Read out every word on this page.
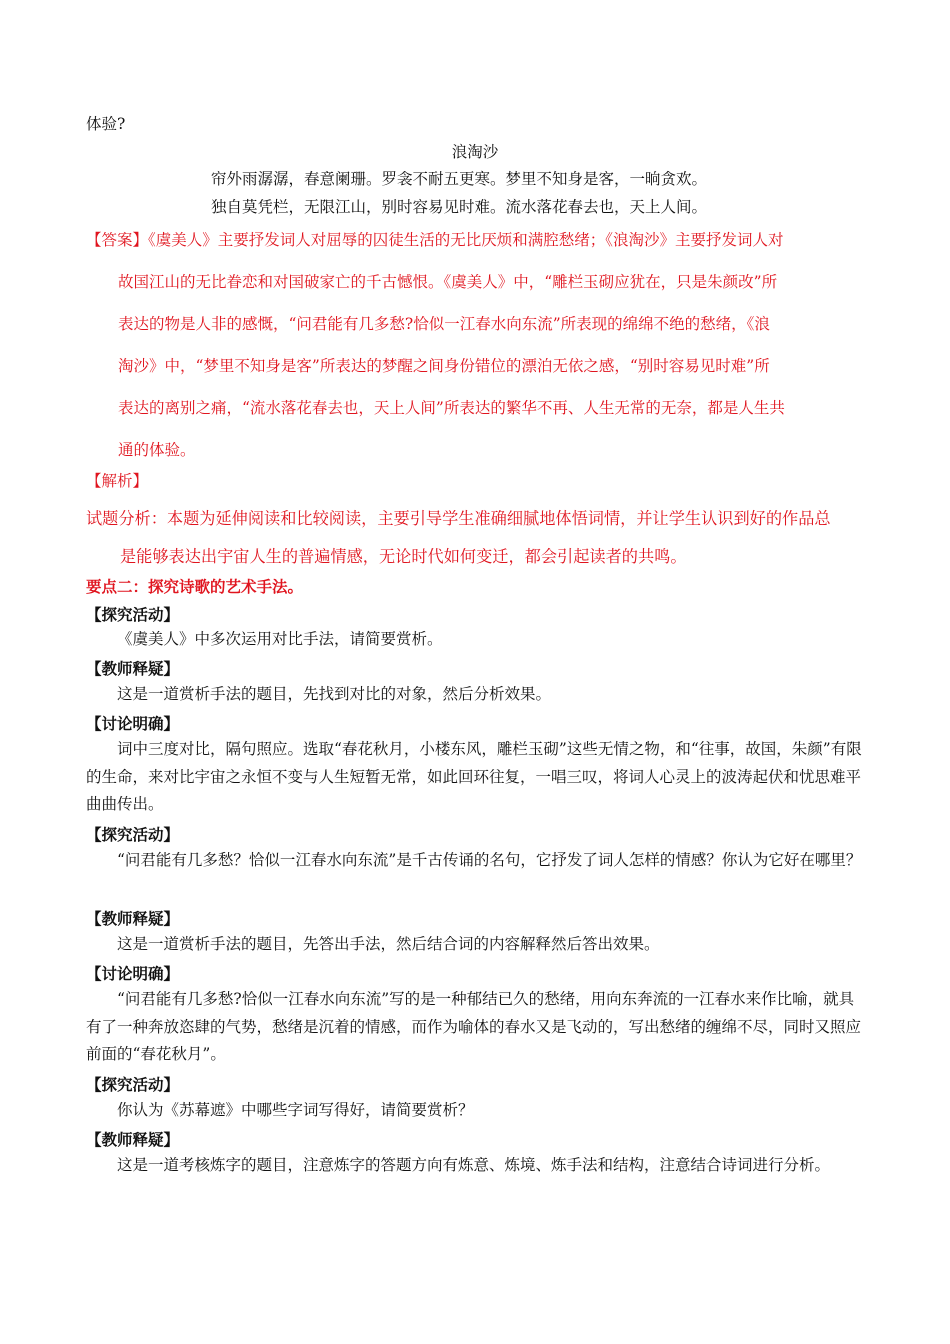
体验?
浪淘沙
帘外雨潺潺，春意阑珊。罗衾不耐五更寒。梦里不知身是客，一晌贪欢。
独自莫凭栏，无限江山，别时容易见时难。流水落花春去也，天上人间。
【答案】《虞美人》主要抒发词人对屈辱的囚徒生活的无比厌烦和满腔愁绪；《浪淘沙》主要抒发词人对
故国江山的无比眷恋和对国破家亡的千古憾恨。《虞美人》中，“雕栏玉砌应犹在，只是朱颜改”所
表达的物是人非的感慨，“问君能有几多愁?恰似一江春水向东流”所表现的绵绵不绝的愁绪，《浪
淘沙》中，“梦里不知身是客”所表达的梦醒之间身份错位的漂泊无依之感，“别时容易见时难”所
表达的离别之痛，“流水落花春去也，天上人间”所表达的繁华不再、人生无常的无奈，都是人生共
通的体验。
【解析】
试题分析：本题为延伸阅读和比较阅读，主要引导学生准确细腻地体悟词情，并让学生认识到好的作品总
是能够表达出宇宙人生的普遍情感，无论时代如何变迁，都会引起读者的共鸣。
要点二：探究诗歌的艺术手法。
【探究活动】
《虞美人》中多次运用对比手法，请简要赏析。
【教师释疑】
这是一道赏析手法的题目，先找到对比的对象，然后分析效果。
【讨论明确】
词中三度对比，隔句照应。选取“春花秋月，小楼东风，雕栏玉砌”这些无情之物，和“往事，故国，朱颜”有限的生命，来对比宇宙之永恒不变与人生短暂无常，如此回环往复，一唱三叹，将词人心灵上的波涛起伏和忧思难平曲曲传出。
【探究活动】
“问君能有几多愁？恰似一江春水向东流”是千古传诵的名句，它抒发了词人怎样的情感？你认为它好在哪里？
【教师释疑】
这是一道赏析手法的题目，先答出手法，然后结合词的内容解释然后答出效果。
【讨论明确】
“问君能有几多愁?恰似一江春水向东流”写的是一种郁结已久的愁绪，用向东奔流的一江春水来作比喻，就具有了一种奔放恣肆的气势，愁绪是沉着的情感，而作为喻体的春水又是飞动的，写出愁绪的缠绵不尽，同时又照应前面的“春花秋月”。
【探究活动】
你认为《苏幕遮》中哪些字词写得好，请简要赏析？
【教师释疑】
这是一道考核炼字的题目，注意炼字的答题方向有炼意、炼境、炼手法和结构，注意结合诗词进行分析。
